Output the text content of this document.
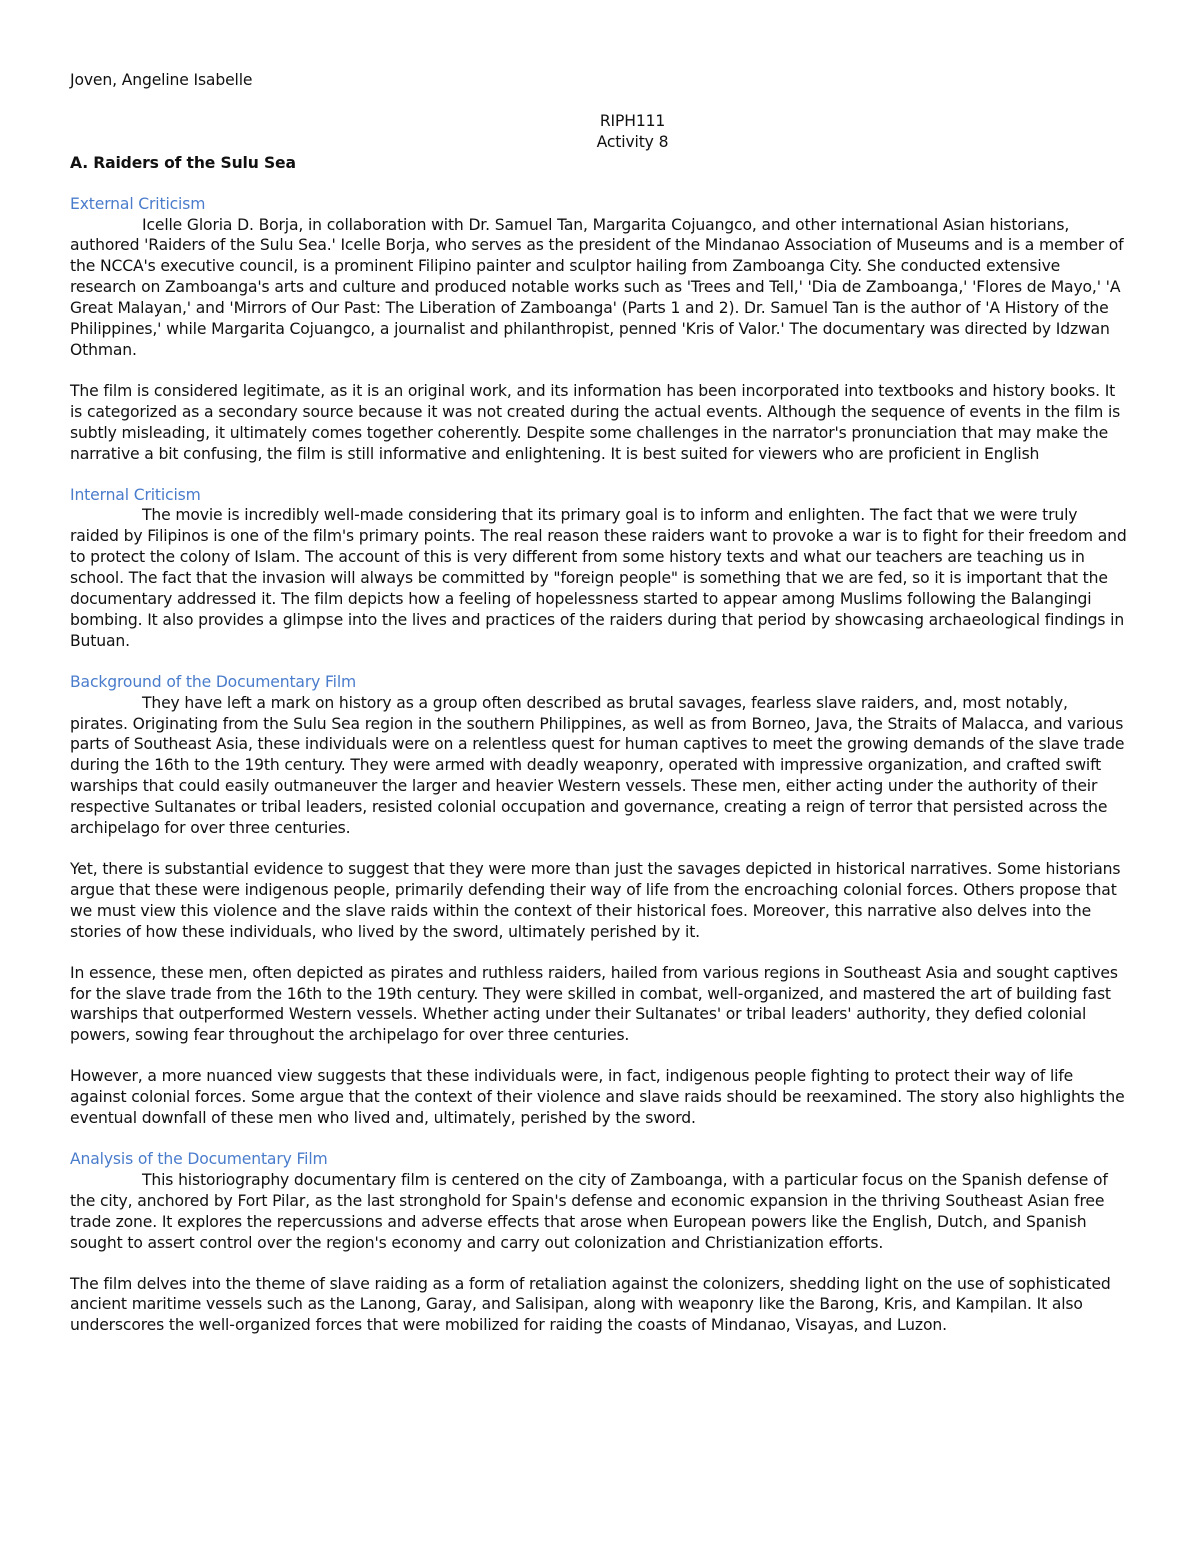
Joven, Angeline Isabelle

RIPH111

Activity 8

A. Raiders of the Sulu Sea

External Criticism

Icelle Gloria D. Borja, in collaboration with Dr. Samuel Tan, Margarita Cojuangco, and other international Asian historians, authored 'Raiders of the Sulu Sea.' Icelle Borja, who serves as the president of the Mindanao Association of Museums and is a member of the NCCA's executive council, is a prominent Filipino painter and sculptor hailing from Zamboanga City. She conducted extensive research on Zamboanga's arts and culture and produced notable works such as 'Trees and Tell,' 'Dia de Zamboanga,' 'Flores de Mayo,' 'A Great Malayan,' and 'Mirrors of Our Past: The Liberation of Zamboanga' (Parts 1 and 2). Dr. Samuel Tan is the author of 'A History of the Philippines,' while Margarita Cojuangco, a journalist and philanthropist, penned 'Kris of Valor.' The documentary was directed by Idzwan Othman.

The film is considered legitimate, as it is an original work, and its information has been incorporated into textbooks and history books. It is categorized as a secondary source because it was not created during the actual events. Although the sequence of events in the film is subtly misleading, it ultimately comes together coherently. Despite some challenges in the narrator's pronunciation that may make the narrative a bit confusing, the film is still informative and enlightening. It is best suited for viewers who are proficient in English

Internal Criticism

The movie is incredibly well-made considering that its primary goal is to inform and enlighten. The fact that we were truly raided by Filipinos is one of the film's primary points. The real reason these raiders want to provoke a war is to fight for their freedom and to protect the colony of Islam. The account of this is very different from some history texts and what our teachers are teaching us in school. The fact that the invasion will always be committed by "foreign people" is something that we are fed, so it is important that the documentary addressed it. The film depicts how a feeling of hopelessness started to appear among Muslims following the Balangingi bombing. It also provides a glimpse into the lives and practices of the raiders during that period by showcasing archaeological findings in Butuan.

Background of the Documentary Film

They have left a mark on history as a group often described as brutal savages, fearless slave raiders, and, most notably, pirates. Originating from the Sulu Sea region in the southern Philippines, as well as from Borneo, Java, the Straits of Malacca, and various parts of Southeast Asia, these individuals were on a relentless quest for human captives to meet the growing demands of the slave trade during the 16th to the 19th century. They were armed with deadly weaponry, operated with impressive organization, and crafted swift warships that could easily outmaneuver the larger and heavier Western vessels. These men, either acting under the authority of their respective Sultanates or tribal leaders, resisted colonial occupation and governance, creating a reign of terror that persisted across the archipelago for over three centuries.

Yet, there is substantial evidence to suggest that they were more than just the savages depicted in historical narratives. Some historians argue that these were indigenous people, primarily defending their way of life from the encroaching colonial forces. Others propose that we must view this violence and the slave raids within the context of their historical foes. Moreover, this narrative also delves into the stories of how these individuals, who lived by the sword, ultimately perished by it.

In essence, these men, often depicted as pirates and ruthless raiders, hailed from various regions in Southeast Asia and sought captives for the slave trade from the 16th to the 19th century. They were skilled in combat, well-organized, and mastered the art of building fast warships that outperformed Western vessels. Whether acting under their Sultanates' or tribal leaders' authority, they defied colonial powers, sowing fear throughout the archipelago for over three centuries.

However, a more nuanced view suggests that these individuals were, in fact, indigenous people fighting to protect their way of life against colonial forces. Some argue that the context of their violence and slave raids should be reexamined. The story also highlights the eventual downfall of these men who lived and, ultimately, perished by the sword.

Analysis of the Documentary Film

This historiography documentary film is centered on the city of Zamboanga, with a particular focus on the Spanish defense of the city, anchored by Fort Pilar, as the last stronghold for Spain's defense and economic expansion in the thriving Southeast Asian free trade zone. It explores the repercussions and adverse effects that arose when European powers like the English, Dutch, and Spanish sought to assert control over the region's economy and carry out colonization and Christianization efforts.

The film delves into the theme of slave raiding as a form of retaliation against the colonizers, shedding light on the use of sophisticated ancient maritime vessels such as the Lanong, Garay, and Salisipan, along with weaponry like the Barong, Kris, and Kampilan. It also underscores the well-organized forces that were mobilized for raiding the coasts of Mindanao, Visayas, and Luzon.
